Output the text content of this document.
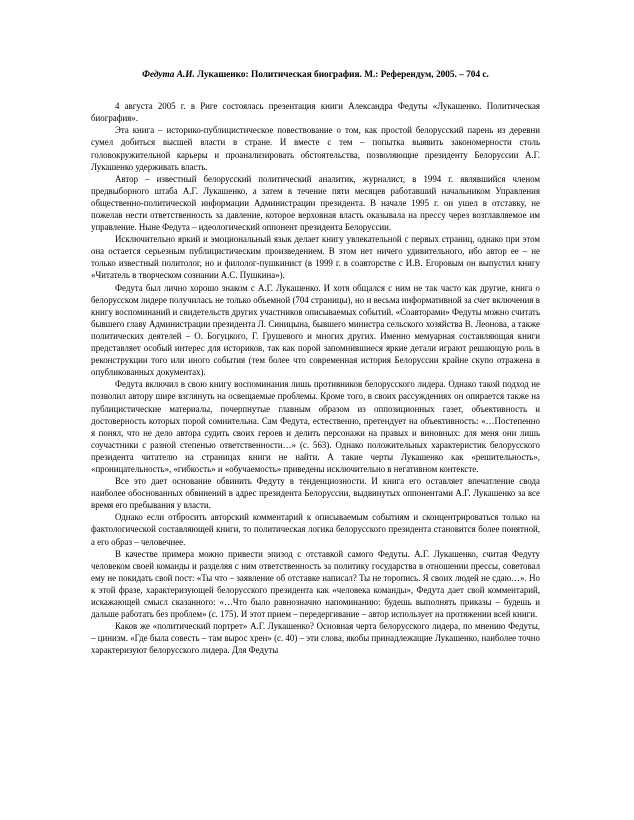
Федута А.И. Лукашенко: Политическая биография. М.: Референдум, 2005. – 704 с.

4 августа 2005 г. в Риге состоялась презентация книги Александра Федуты «Лукашенко. Политическая биография».

Эта книга – историко-публицистическое повествование о том, как простой белорусский парень из деревни сумел добиться высшей власти в стране. И вместе с тем – попытка выявить закономерности столь головокружительной карьеры и проанализировать обстоятельства, позволяющие президенту Белоруссии А.Г. Лукашенко удерживать власть.

Автор – известный белорусский политический аналитик, журналист, в 1994 г. являвшийся членом предвыборного штаба А.Г. Лукашенко, а затем в течение пяти месяцев работавший начальником Управления общественно-политической информации Администрации президента. В начале 1995 г. он ушел в отставку, не пожелав нести ответственность за давление, которое верховная власть оказывала на прессу через возглавляемое им управление. Ныне Федута – идеологический оппонент президента Белоруссии.

Исключительно яркий и эмоциональный язык делает книгу увлекательной с первых страниц, однако при этом она остается серьезным публицистическим произведением. В этом нет ничего удивительного, ибо автор ее – не только известный политолог, но и филолог-пушкинист (в 1999 г. в соавторстве с И.В. Егоровым он выпустил книгу «Читатель в творческом сознании А.С. Пушкина»).

Федута был лично хорошо знаком с А.Г. Лукашенко. И хотя общался с ним не так часто как другие, книга о белорусском лидере получилась не только объемной (704 страницы), но и весьма информативной за счет включения в книгу воспоминаний и свидетельств других участников описываемых событий. «Соавторами» Федуты можно считать бывшего главу Администрации президента Л. Синицына, бывшего министра сельского хозяйства В. Леонова, а также политических деятелей – О. Богуцкого, Г. Грушевого и многих других. Именно мемуарная составляющая книги представляет особый интерес для историков, так как порой запомнившиеся яркие детали играют решающую роль в реконструкции того или иного события (тем более что современная история Белоруссии крайне скупо отражена в опубликованных документах).

Федута включил в свою книгу воспоминания лишь противников белорусского лидера. Однако такой подход не позволил автору шире взглянуть на освещаемые проблемы. Кроме того, в своих рассуждениях он опирается также на публицистические материалы, почерпнутые главным образом из оппозиционных газет, объективность и достоверность которых порой сомнительна. Сам Федута, естественно, претендует на объективность: «…Постепенно я понял, что не дело автора судить своих героев и делить персонажи на правых и виновных: для меня они лишь соучастники с разной степенью ответственности…» (с. 563). Однако положительных характеристик белорусского президента читателю на страницах книги не найти. А такие черты Лукашенко как «решительность», «проницательность», «гибкость» и «обучаемость» приведены исключительно в негативном контексте.

Все это дает основание обвинить Федуту в тенденциозности. И книга его оставляет впечатление свода наиболее обоснованных обвинений в адрес президента Белоруссии, выдвинутых оппонентами А.Г. Лукашенко за все время его пребывания у власти.

Однако если отбросить авторский комментарий к описываемым событиям и сконцентрироваться только на фактологической составляющей книги, то политическая логика белорусского президента становится более понятной, а его образ – человечнее.

В качестве примера можно привести эпизод с отставкой самого Федуты. А.Г. Лукашенко, считая Федуту человеком своей команды и разделяя с ним ответственность за политику государства в отношении прессы, советовал ему не покидать свой пост: «Ты что – заявление об отставке написал? Ты не торопись. Я своих людей не сдаю…». Но к этой фразе, характеризующей белорусского президента как «человека команды», Федута дает свой комментарий, искажающей смысл сказанного: «…Что было равнозначно напоминанию: будешь выполнять приказы – будешь и дальше работать без проблем» (с. 175). И этот прием – передергивание – автор использует на протяжении всей книги.

Каков же «политический портрет» А.Г. Лукашенко? Основная черта белорусского лидера, по мнению Федуты, – цинизм. «Где была совесть – там вырос хрен» (с. 40) – эти слова, якобы принадлежащие Лукашенко, наиболее точно характеризуют белорусского лидера. Для Федуты
